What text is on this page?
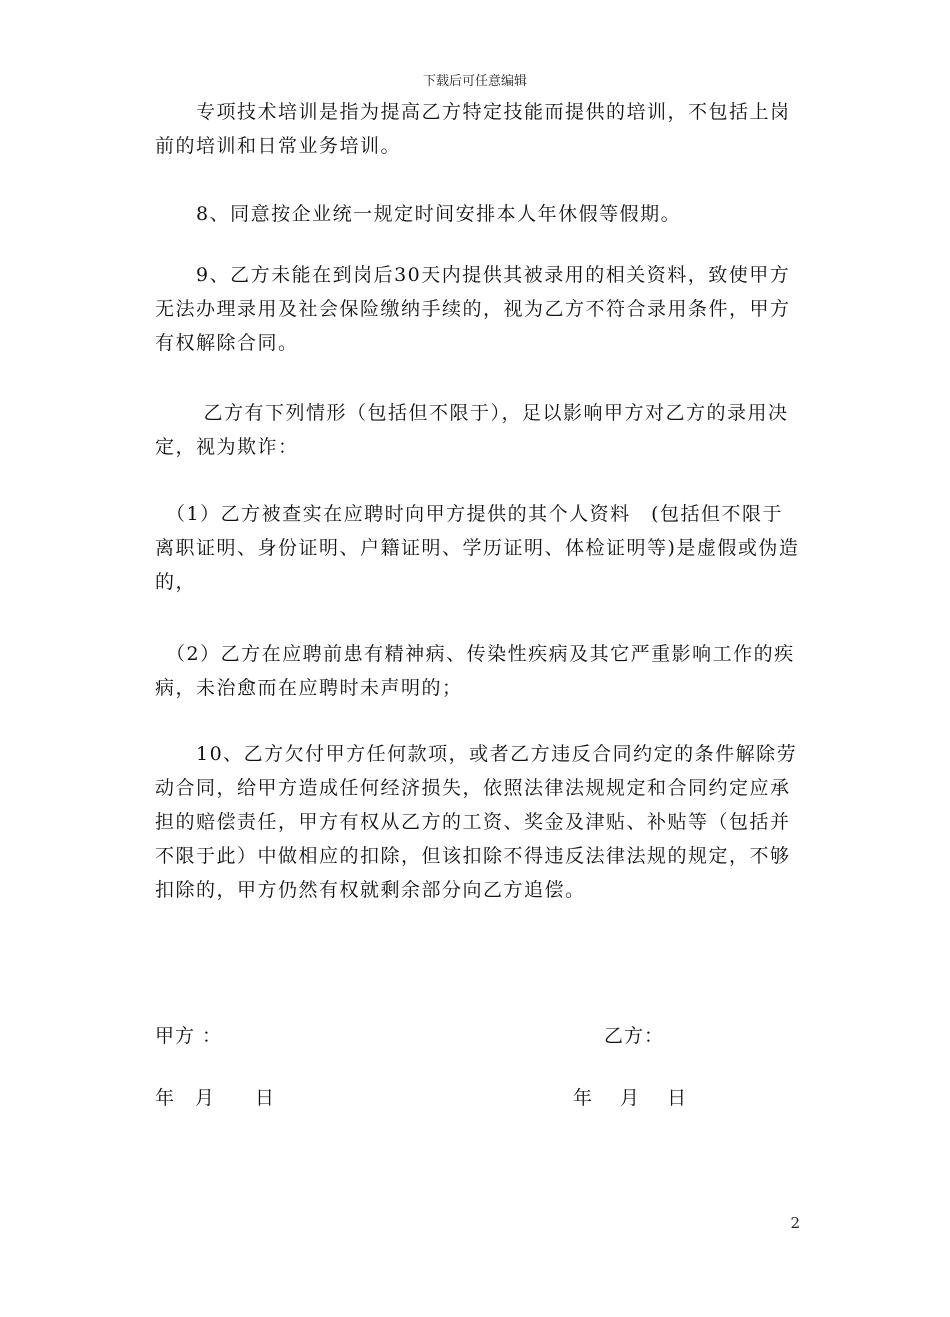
下载后可任意编辑

　　专项技术培训是指为提高乙方特定技能而提供的培训，不包括上岗前的培训和日常业务培训。

　　8、同意按企业统一规定时间安排本人年休假等假期。

　　9、乙方未能在到岗后30天内提供其被录用的相关资料，致使甲方无法办理录用及社会保险缴纳手续的，视为乙方不符合录用条件，甲方有权解除合同。

　　 乙方有下列情形（包括但不限于），足以影响甲方对乙方的录用决定，视为欺诈：

　（1）乙方被查实在应聘时向甲方提供的其个人资料　(包括但不限于离职证明、身份证明、户籍证明、学历证明、体检证明等)是虚假或伪造的，

　（2）乙方在应聘前患有精神病、传染性疾病及其它严重影响工作的疾病，未治愈而在应聘时未声明的；

　　10、乙方欠付甲方任何款项，或者乙方违反合同约定的条件解除劳动合同，给甲方造成任何经济损失，依照法律法规规定和合同约定应承担的赔偿责任，甲方有权从乙方的工资、奖金及津贴、补贴等（包括并不限于此）中做相应的扣除，但该扣除不得违反法律法规的规定，不够扣除的，甲方仍然有权就剩余部分向乙方追偿。

甲方 ：	乙方：
年　月　　日	年　 月　 日
2
